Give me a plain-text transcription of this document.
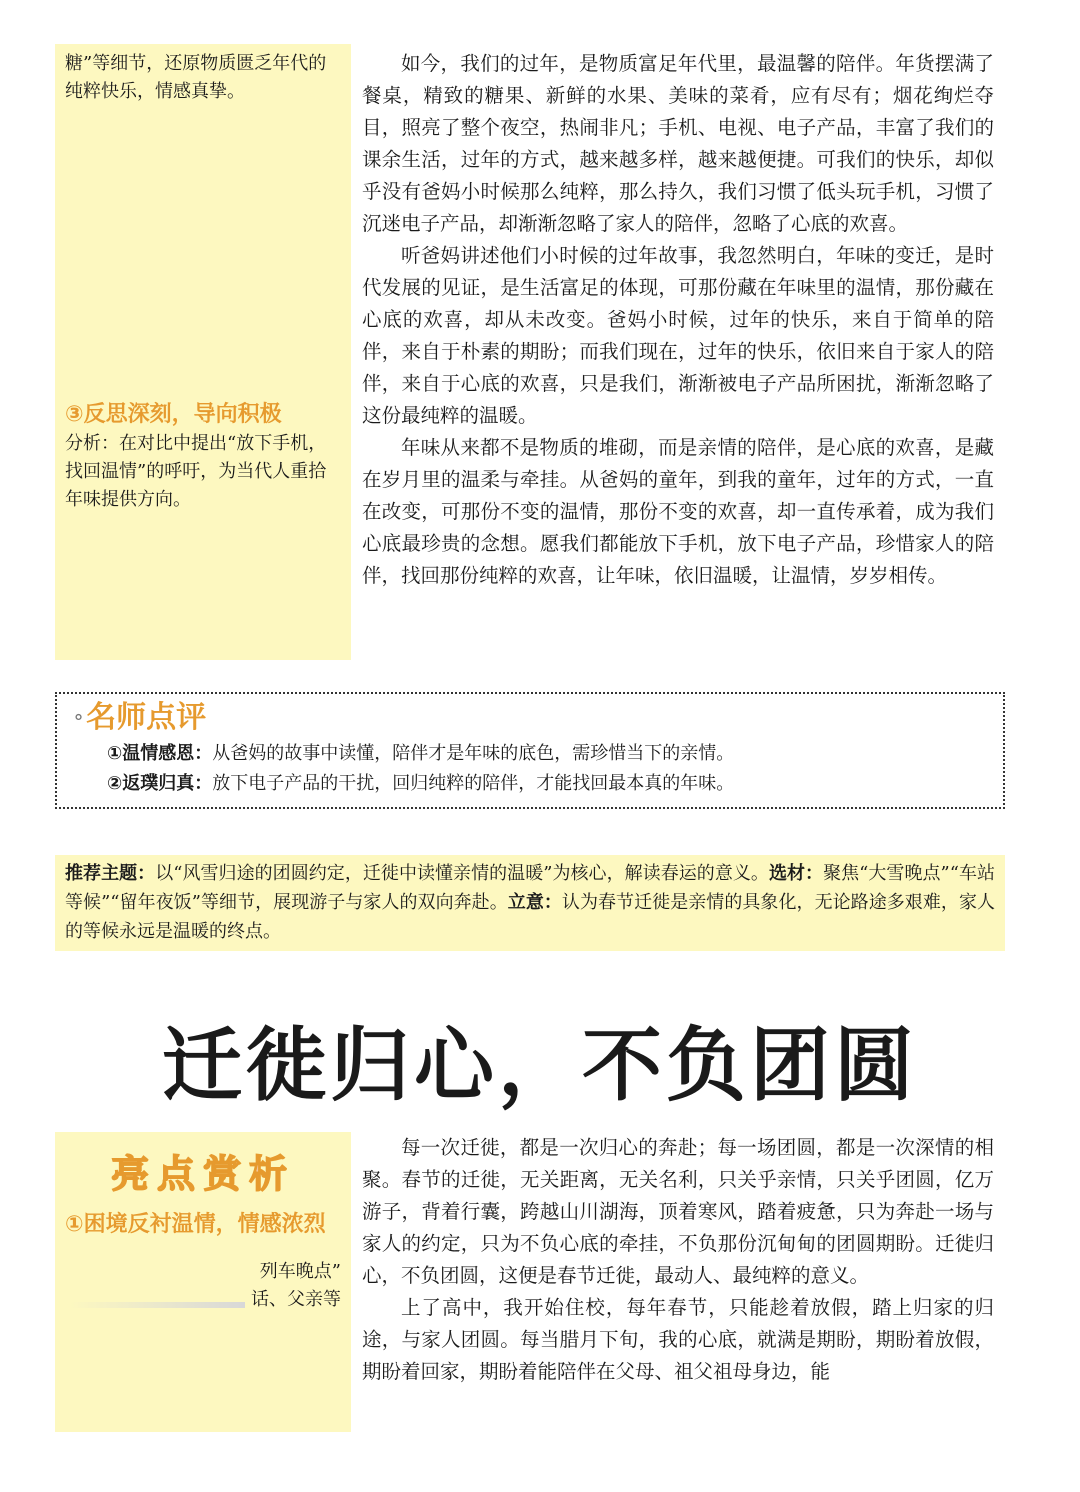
糖”等细节，还原物质匮乏年代的纯粹快乐，情感真挚。

③反思深刻，导向积极

分析：在对比中提出“放下手机，找回温情”的呼吁，为当代人重拾年味提供方向。

如今，我们的过年，是物质富足年代里，最温馨的陪伴。年货摆满了餐桌，精致的糖果、新鲜的水果、美味的菜肴，应有尽有；烟花绚烂夺目，照亮了整个夜空，热闹非凡；手机、电视、电子产品，丰富了我们的课余生活，过年的方式，越来越多样，越来越便捷。可我们的快乐，却似乎没有爸妈小时候那么纯粹，那么持久，我们习惯了低头玩手机，习惯了沉迷电子产品，却渐渐忽略了家人的陪伴，忽略了心底的欢喜。

听爸妈讲述他们小时候的过年故事，我忽然明白，年味的变迁，是时代发展的见证，是生活富足的体现，可那份藏在年味里的温情，那份藏在心底的欢喜，却从未改变。爸妈小时候，过年的快乐，来自于简单的陪伴，来自于朴素的期盼；而我们现在，过年的快乐，依旧来自于家人的陪伴，来自于心底的欢喜，只是我们，渐渐被电子产品所困扰，渐渐忽略了这份最纯粹的温暖。

年味从来都不是物质的堆砌，而是亲情的陪伴，是心底的欢喜，是藏在岁月里的温柔与牵挂。从爸妈的童年，到我的童年，过年的方式，一直在改变，可那份不变的温情，那份不变的欢喜，却一直传承着，成为我们心底最珍贵的念想。愿我们都能放下手机，放下电子产品，珍惜家人的陪伴，找回那份纯粹的欢喜，让年味，依旧温暖，让温情，岁岁相传。

⚬名师点评
①温情感恩：从爸妈的故事中读懂，陪伴才是年味的底色，需珍惜当下的亲情。
②返璞归真：放下电子产品的干扰，回归纯粹的陪伴，才能找回最本真的年味。
推荐主题：以“风雪归途的团圆约定，迁徙中读懂亲情的温暖”为核心，解读春运的意义。选材：聚焦“大雪晚点”“车站等候”“留年夜饭”等细节，展现游子与家人的双向奔赴。立意：认为春节迁徙是亲情的具象化，无论路途多艰难，家人的等候永远是温暖的终点。
迁徙归心，不负团圆
亮点赏析

①困境反衬温情，情感浓烈

列车晚点”
话、父亲等

每一次迁徙，都是一次归心的奔赴；每一场团圆，都是一次深情的相聚。春节的迁徙，无关距离，无关名利，只关乎亲情，只关乎团圆，亿万游子，背着行囊，跨越山川湖海，顶着寒风，踏着疲惫，只为奔赴一场与家人的约定，只为不负心底的牵挂，不负那份沉甸甸的团圆期盼。迁徙归心，不负团圆，这便是春节迁徙，最动人、最纯粹的意义。

上了高中，我开始住校，每年春节，只能趁着放假，踏上归家的归途，与家人团圆。每当腊月下旬，我的心底，就满是期盼，期盼着放假，期盼着回家，期盼着能陪伴在父母、祖父祖母身边，能
